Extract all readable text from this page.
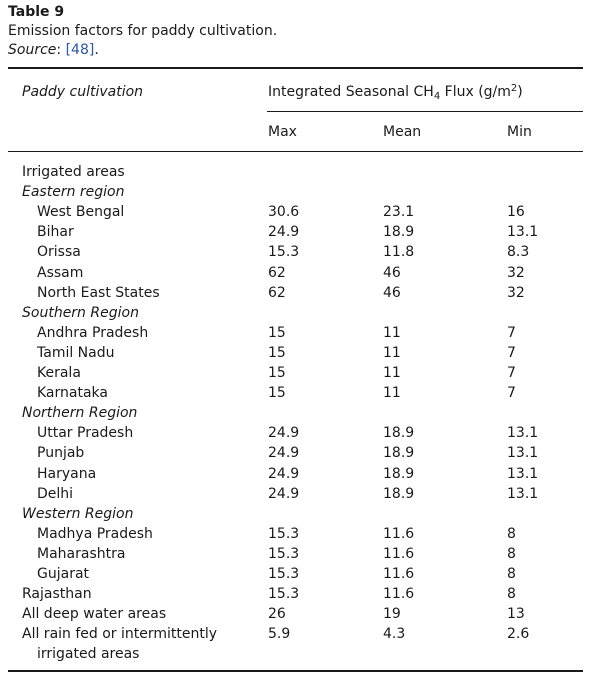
Table 9
Emission factors for paddy cultivation.
Source: [48].
Paddy cultivation	Integrated Seasonal $CH_4$ Flux $(g/m^2)$
Max	Mean	Min
Irrigated areas
Eastern region
West Bengal	30.6	23.1	16
Bihar	24.9	18.9	13.1
Orissa	15.3	11.8	8.3
Assam	62	46	32
North East States	62	46	32
Southern Region
Andhra Pradesh	15	11	7
Tamil Nadu	15	11	7
Kerala	15	11	7
Karnataka	15	11	7
Northern Region
Uttar Pradesh	24.9	18.9	13.1
Punjab	24.9	18.9	13.1
Haryana	24.9	18.9	13.1
Delhi	24.9	18.9	13.1
Western Region
Madhya Pradesh	15.3	11.6	8
Maharashtra	15.3	11.6	8
Gujarat	15.3	11.6	8
Rajasthan	15.3	11.6	8
All deep water areas	26	19	13
All rain fed or intermittently
irrigated areas
5.9	4.3	2.6
